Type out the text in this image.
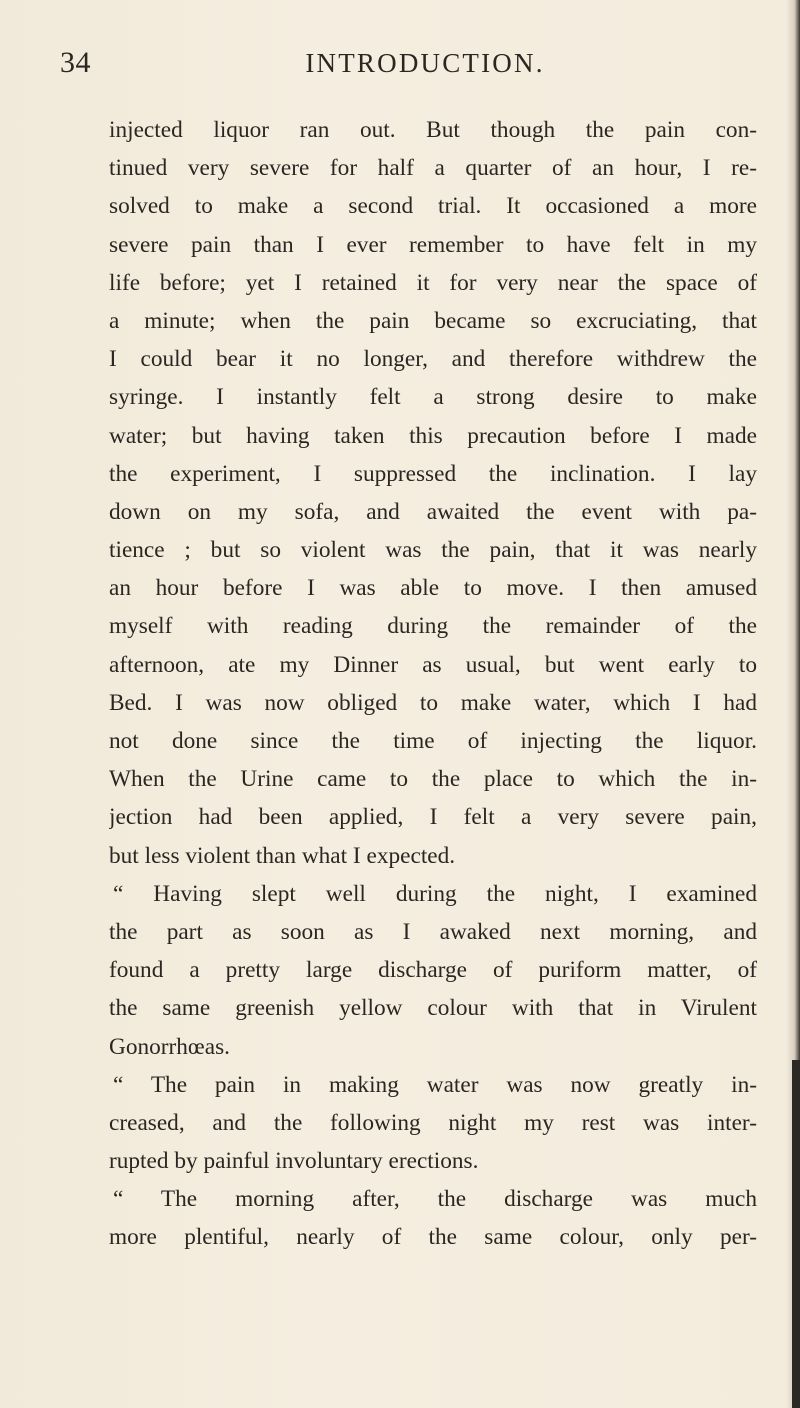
34	INTRODUCTION.
injected liquor ran out. But though the pain con-
tinued very severe for half a quarter of an hour, I re-
solved to make a second trial. It occasioned a more
severe pain than I ever remember to have felt in my
life before; yet I retained it for very near the space of
a minute; when the pain became so excruciating, that
I could bear it no longer, and therefore withdrew the
syringe. I instantly felt a strong desire to make
water; but having taken this precaution before I made
the experiment, I suppressed the inclination. I lay
down on my sofa, and awaited the event with pa-
tience ; but so violent was the pain, that it was nearly
an hour before I was able to move. I then amused
myself with reading during the remainder of the
afternoon, ate my Dinner as usual, but went early to
Bed. I was now obliged to make water, which I had
not done since the time of injecting the liquor.
When the Urine came to the place to which the in-
jection had been applied, I felt a very severe pain,
but less violent than what I expected.
“ Having slept well during the night, I examined
the part as soon as I awaked next morning, and
found a pretty large discharge of puriform matter, of
the same greenish yellow colour with that in Virulent
Gonorrhœas.
“ The pain in making water was now greatly in-
creased, and the following night my rest was inter-
rupted by painful involuntary erections.
“ The morning after, the discharge was much
more plentiful, nearly of the same colour, only per-
